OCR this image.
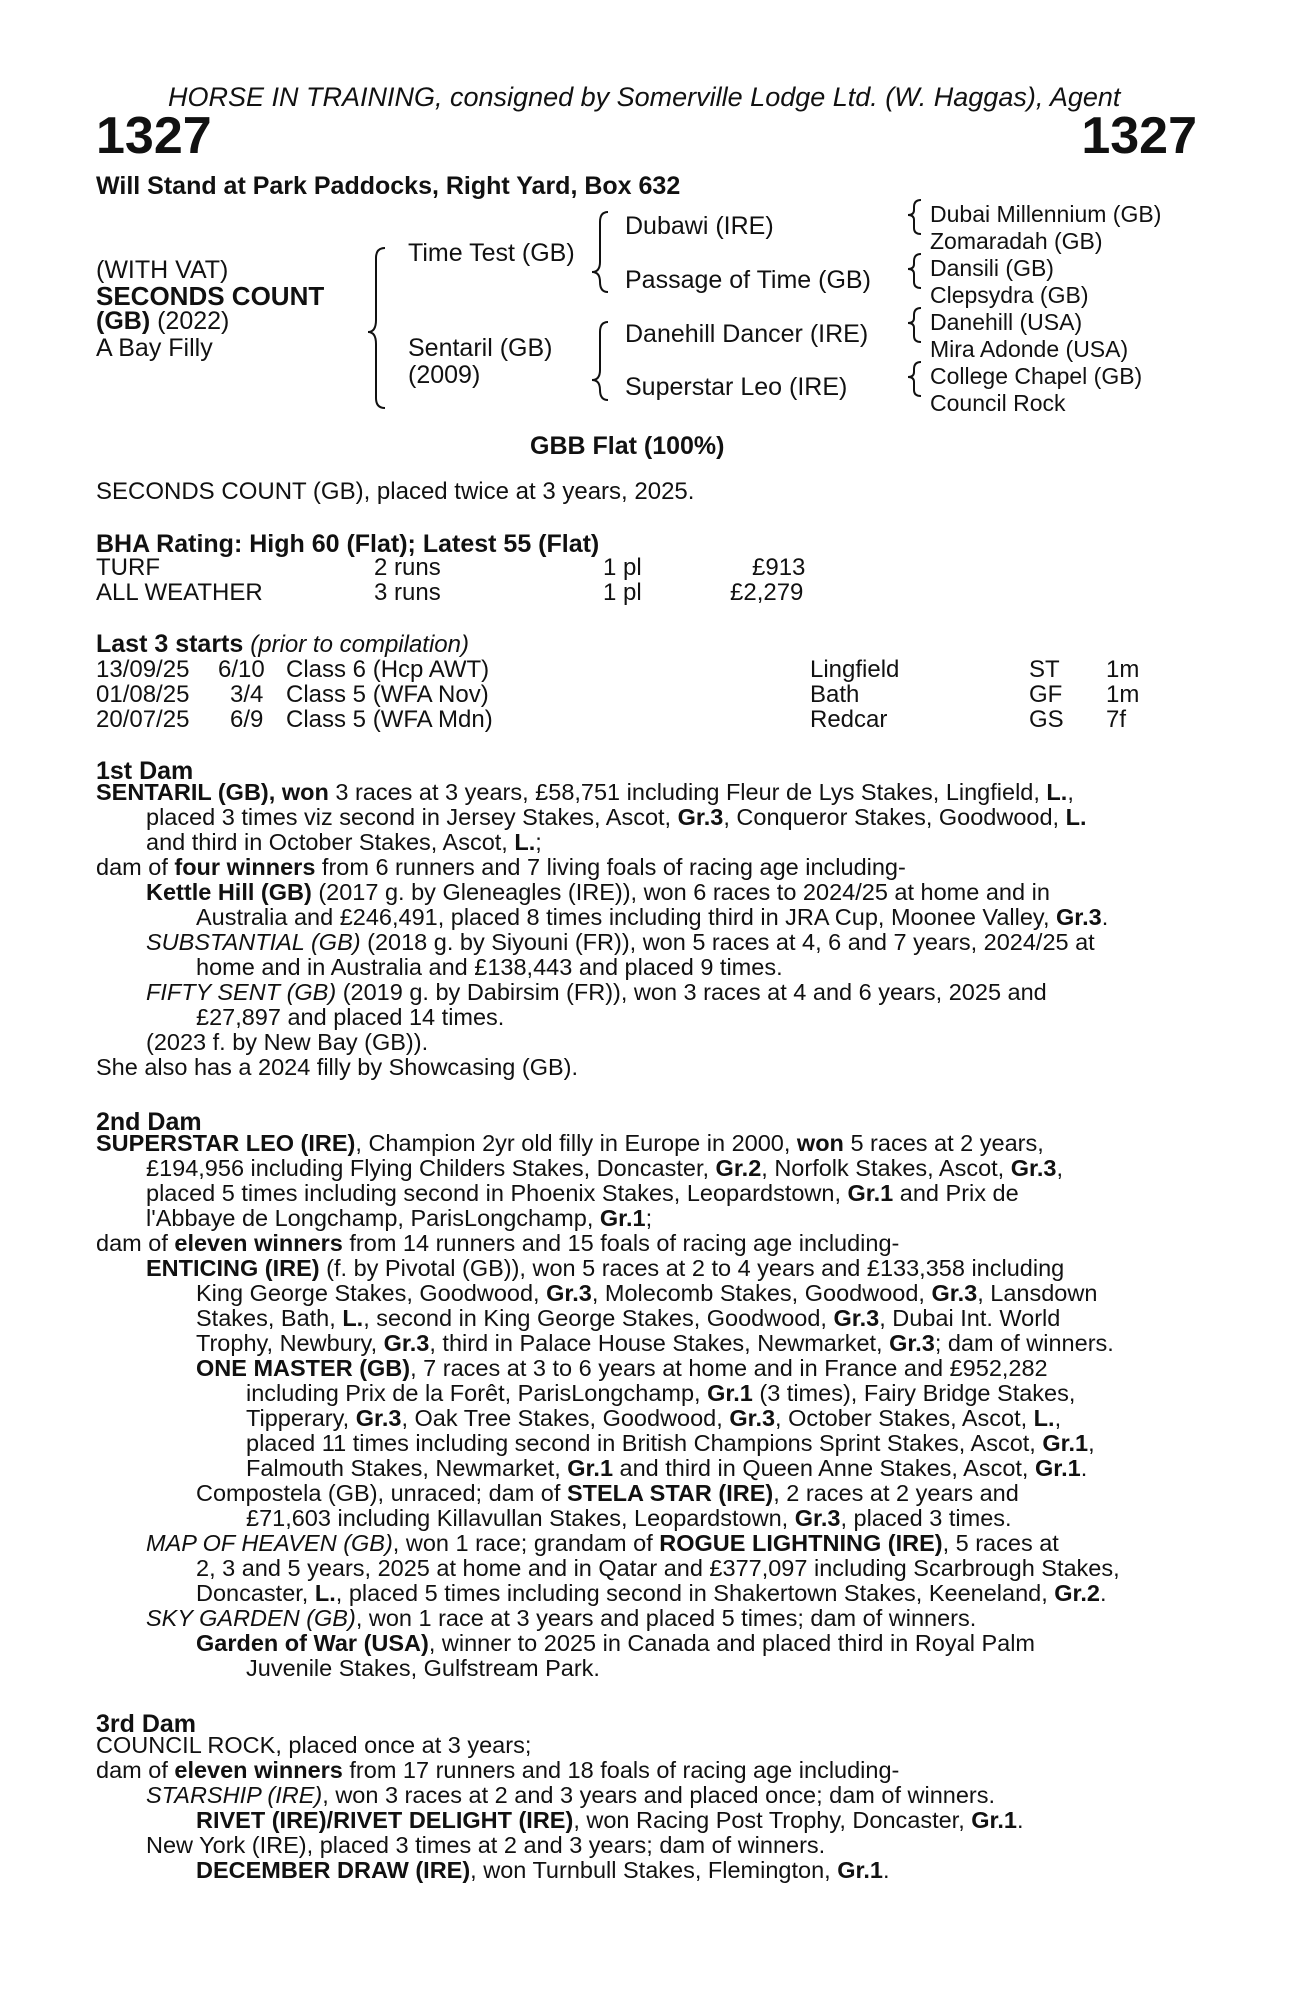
HORSE IN TRAINING, consigned by Somerville Lodge Ltd. (W. Haggas), Agent
1327	1327
Will Stand at Park Paddocks, Right Yard, Box 632
(WITH VAT)
SECONDS COUNT
(GB) (2022)
A Bay Filly
Time Test (GB)
Sentaril (GB)
(2009)
Dubawi (IRE)
Passage of Time (GB)
Danehill Dancer (IRE)
Superstar Leo (IRE)
Dubai Millennium (GB)
Zomaradah (GB)
Dansili (GB)
Clepsydra (GB)
Danehill (USA)
Mira Adonde (USA)
College Chapel (GB)
Council Rock
GBB Flat (100%)
SECONDS COUNT (GB), placed twice at 3 years, 2025.
BHA Rating: High 60 (Flat); Latest 55 (Flat)
TURF	2 runs	1 pl	£913
ALL WEATHER	3 runs	1 pl	£2,279
Last 3 starts (prior to compilation)
13/09/25 6/10 Class 6 (Hcp AWT)	Lingfield	ST 1m
01/08/25 3/4 Class 5 (WFA Nov)	Bath	GF 1m
20/07/25 6/9 Class 5 (WFA Mdn)	Redcar	GS 7f
1st Dam

SENTARIL (GB), won 3 races at 3 years, £58,751 including Fleur de Lys Stakes, Lingfield, L.,

placed 3 times viz second in Jersey Stakes, Ascot, Gr.3, Conqueror Stakes, Goodwood, L.

and third in October Stakes, Ascot, L.;

dam of four winners from 6 runners and 7 living foals of racing age including-

Kettle Hill (GB) (2017 g. by Gleneagles (IRE)), won 6 races to 2024/25 at home and in

Australia and £246,491, placed 8 times including third in JRA Cup, Moonee Valley, Gr.3.

SUBSTANTIAL (GB) (2018 g. by Siyouni (FR)), won 5 races at 4, 6 and 7 years, 2024/25 at

home and in Australia and £138,443 and placed 9 times.

FIFTY SENT (GB) (2019 g. by Dabirsim (FR)), won 3 races at 4 and 6 years, 2025 and

£27,897 and placed 14 times.

(2023 f. by New Bay (GB)).

She also has a 2024 filly by Showcasing (GB).

2nd Dam

SUPERSTAR LEO (IRE), Champion 2yr old filly in Europe in 2000, won 5 races at 2 years,

£194,956 including Flying Childers Stakes, Doncaster, Gr.2, Norfolk Stakes, Ascot, Gr.3,

placed 5 times including second in Phoenix Stakes, Leopardstown, Gr.1 and Prix de

l'Abbaye de Longchamp, ParisLongchamp, Gr.1;

dam of eleven winners from 14 runners and 15 foals of racing age including-

ENTICING (IRE) (f. by Pivotal (GB)), won 5 races at 2 to 4 years and £133,358 including

King George Stakes, Goodwood, Gr.3, Molecomb Stakes, Goodwood, Gr.3, Lansdown

Stakes, Bath, L., second in King George Stakes, Goodwood, Gr.3, Dubai Int. World

Trophy, Newbury, Gr.3, third in Palace House Stakes, Newmarket, Gr.3; dam of winners.

ONE MASTER (GB), 7 races at 3 to 6 years at home and in France and £952,282

including Prix de la Forêt, ParisLongchamp, Gr.1 (3 times), Fairy Bridge Stakes,

Tipperary, Gr.3, Oak Tree Stakes, Goodwood, Gr.3, October Stakes, Ascot, L.,

placed 11 times including second in British Champions Sprint Stakes, Ascot, Gr.1,

Falmouth Stakes, Newmarket, Gr.1 and third in Queen Anne Stakes, Ascot, Gr.1.

Compostela (GB), unraced; dam of STELA STAR (IRE), 2 races at 2 years and

£71,603 including Killavullan Stakes, Leopardstown, Gr.3, placed 3 times.

MAP OF HEAVEN (GB), won 1 race; grandam of ROGUE LIGHTNING (IRE), 5 races at

2, 3 and 5 years, 2025 at home and in Qatar and £377,097 including Scarbrough Stakes,

Doncaster, L., placed 5 times including second in Shakertown Stakes, Keeneland, Gr.2.

SKY GARDEN (GB), won 1 race at 3 years and placed 5 times; dam of winners.

Garden of War (USA), winner to 2025 in Canada and placed third in Royal Palm

Juvenile Stakes, Gulfstream Park.

3rd Dam

COUNCIL ROCK, placed once at 3 years;

dam of eleven winners from 17 runners and 18 foals of racing age including-

STARSHIP (IRE), won 3 races at 2 and 3 years and placed once; dam of winners.

RIVET (IRE)/RIVET DELIGHT (IRE), won Racing Post Trophy, Doncaster, Gr.1.

New York (IRE), placed 3 times at 2 and 3 years; dam of winners.

DECEMBER DRAW (IRE), won Turnbull Stakes, Flemington, Gr.1.
